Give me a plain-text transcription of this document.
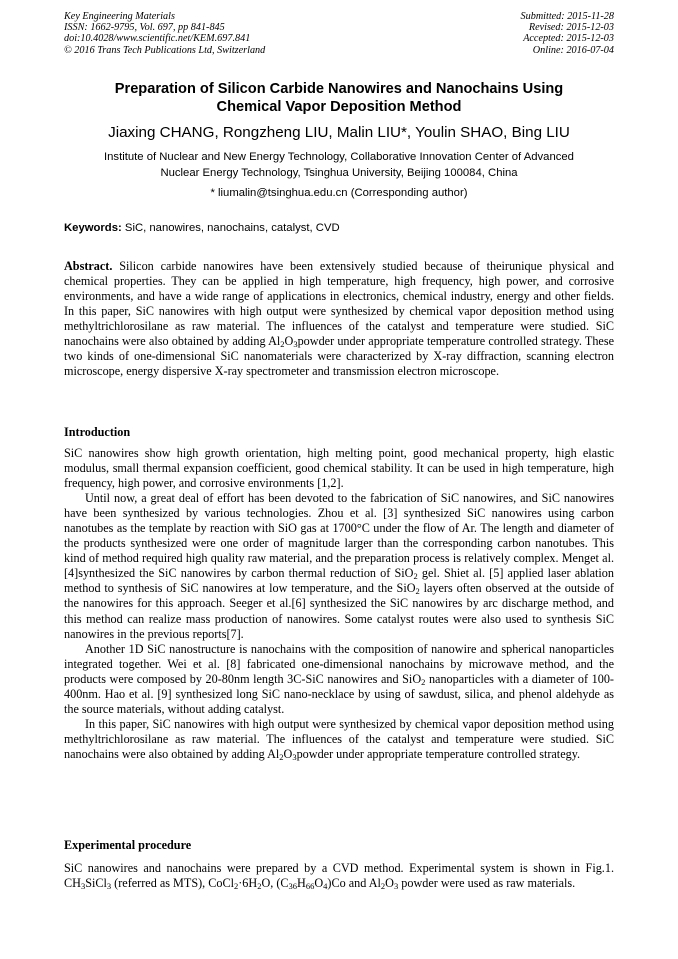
Key Engineering Materials
ISSN: 1662-9795, Vol. 697, pp 841-845
doi:10.4028/www.scientific.net/KEM.697.841
© 2016 Trans Tech Publications Ltd, Switzerland
Submitted: 2015-11-28
Revised: 2015-12-03
Accepted: 2015-12-03
Online: 2016-07-04
Preparation of Silicon Carbide Nanowires and Nanochains Using
Chemical Vapor Deposition Method
Jiaxing CHANG, Rongzheng LIU, Malin LIU*, Youlin SHAO, Bing LIU
Institute of Nuclear and New Energy Technology, Collaborative Innovation Center of Advanced
Nuclear Energy Technology, Tsinghua University, Beijing 100084, China
* liumalin@tsinghua.edu.cn (Corresponding author)
Keywords: SiC, nanowires, nanochains, catalyst, CVD

Abstract. Silicon carbide nanowires have been extensively studied because of theirunique physical and chemical properties. They can be applied in high temperature, high frequency, high power, and corrosive environments, and have a wide range of applications in electronics, chemical industry, energy and other fields. In this paper, SiC nanowires with high output were synthesized by chemical vapor deposition method using methyltrichlorosilane as raw material. The influences of the catalyst and temperature were studied. SiC nanochains were also obtained by adding $Al_2O_3powder$ under appropriate temperature controlled strategy. These two kinds of one-dimensional SiC nanomaterials were characterized by X-ray diffraction, scanning electron microscope, energy dispersive X-ray spectrometer and transmission electron microscope.

Introduction

SiC nanowires show high growth orientation, high melting point, good mechanical property, high elastic modulus, small thermal expansion coefficient, good chemical stability. It can be used in high temperature, high frequency, high power, and corrosive environments [1,2].

Until now, a great deal of effort has been devoted to the fabrication of SiC nanowires, and SiC nanowires have been synthesized by various technologies. Zhou et al. [3] synthesized SiC nanowires using carbon nanotubes as the template by reaction with SiO gas at 1700°C under the flow of Ar. The length and diameter of the products synthesized were one order of magnitude larger than the corresponding carbon nanotubes. This kind of method required high quality raw material, and the preparation process is relatively complex. Menget al. [4]synthesized the SiC nanowires by carbon thermal reduction of SiO$_2$ gel. Shiet al. [5] applied laser ablation method to synthesis of SiC nanowires at low temperature, and the SiO$_2$ layers often observed at the outside of the nanowires for this approach. Seeger et al.[6] synthesized the SiC nanowires by arc discharge method, and this method can realize mass production of nanowires. Some catalyst routes were also used to synthesis SiC nanowires in the previous reports[7].

Another 1D SiC nanostructure is nanochains with the composition of nanowire and spherical nanoparticles integrated together. Wei et al. [8] fabricated one-dimensional nanochains by microwave method, and the products were composed by 20-80nm length 3C-SiC nanowires and SiO$_2$ nanoparticles with a diameter of 100-400nm. Hao et al. [9] synthesized long SiC nano-necklace by using of sawdust, silica, and phenol aldehyde as the source materials, without adding catalyst.

In this paper, SiC nanowires with high output were synthesized by chemical vapor deposition method using methyltrichlorosilane as raw material. The influences of the catalyst and temperature were studied. SiC nanochains were also obtained by adding $Al_2O_3powder$ under appropriate temperature controlled strategy.

Experimental procedure

SiC nanowires and nanochains were prepared by a CVD method. Experimental system is shown in Fig.1. $CH_3SiCl_3$ (referred as MTS), $CoCl_2\cdot 6H_2O$, $(C_{36}H_{66}O_4)Co$ and $Al_2O_3$ powder were used as raw materials.
